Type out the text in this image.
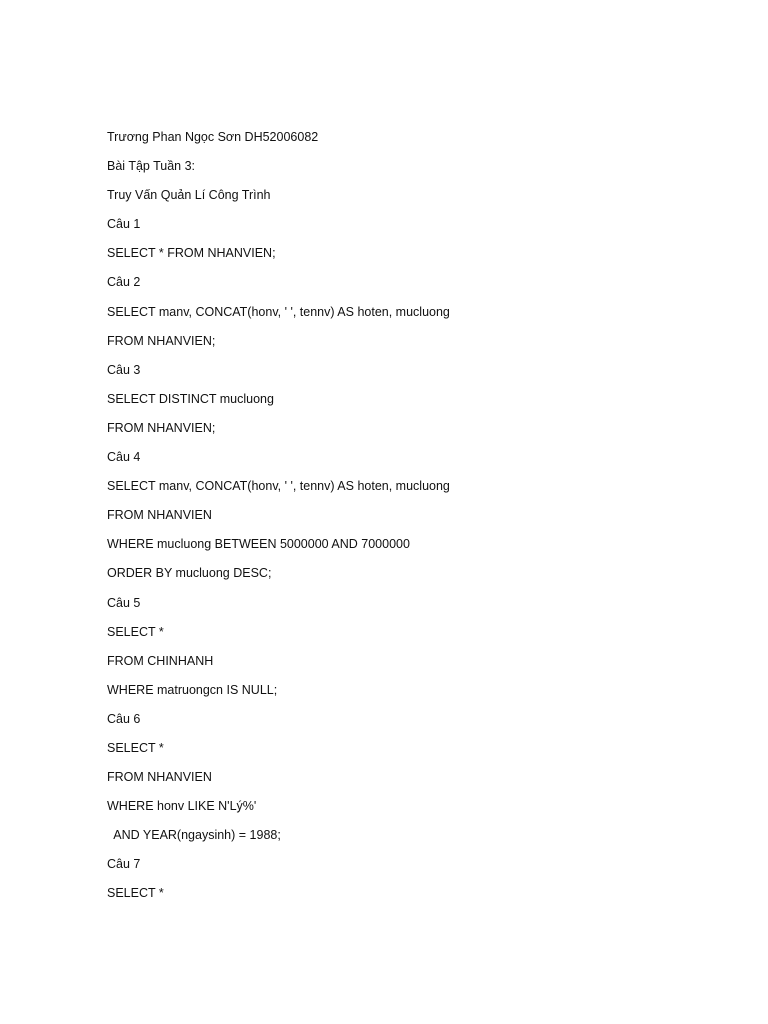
Trương Phan Ngọc Sơn DH52006082
Bài Tập Tuần 3:
Truy Vấn Quản Lí Công Trình
Câu 1
SELECT * FROM NHANVIEN;
Câu 2
SELECT manv, CONCAT(honv, ' ', tennv) AS hoten, mucluong
FROM NHANVIEN;
Câu 3
SELECT DISTINCT mucluong
FROM NHANVIEN;
Câu 4
SELECT manv, CONCAT(honv, ' ', tennv) AS hoten, mucluong
FROM NHANVIEN
WHERE mucluong BETWEEN 5000000 AND 7000000
ORDER BY mucluong DESC;
Câu 5
SELECT *
FROM CHINHANH
WHERE matruongcn IS NULL;
Câu 6
SELECT *
FROM NHANVIEN
WHERE honv LIKE N'Lý%'
AND YEAR(ngaysinh) = 1988;
Câu 7
SELECT *
